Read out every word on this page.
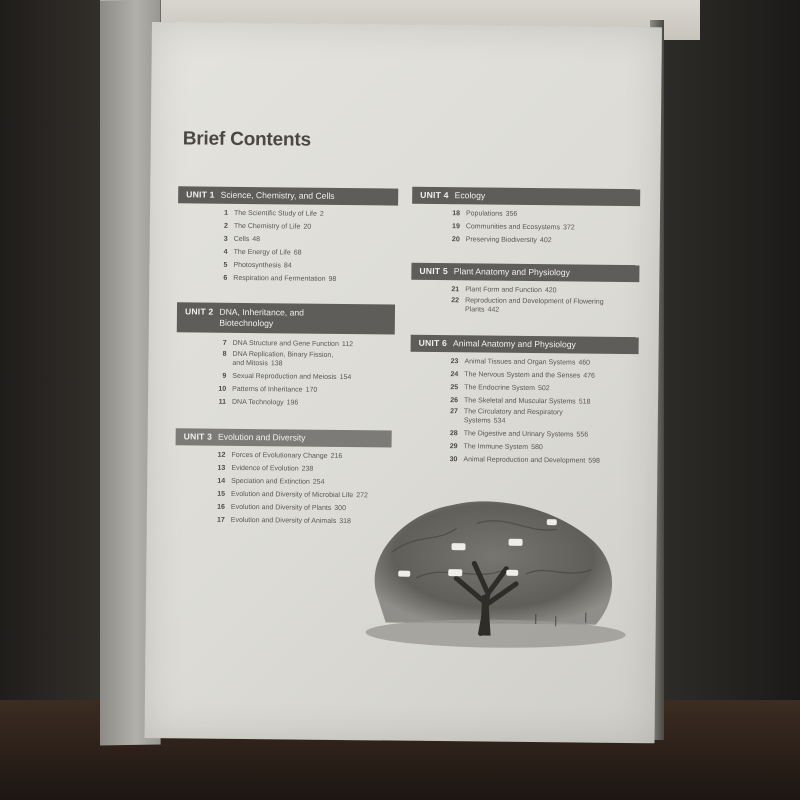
Brief Contents
UNIT 1 Science, Chemistry, and Cells
1 The Scientific Study of Life 2
2 The Chemistry of Life 20
3 Cells 48
4 The Energy of Life 68
5 Photosynthesis 84
6 Respiration and Fermentation 98
UNIT 2 DNA, Inheritance, and Biotechnology
7 DNA Structure and Gene Function 112
8 DNA Replication, Binary Fission, and Mitosis 138
9 Sexual Reproduction and Meiosis 154
10 Patterns of Inheritance 170
11 DNA Technology 196
UNIT 3 Evolution and Diversity
12 Forces of Evolutionary Change 216
13 Evidence of Evolution 238
14 Speciation and Extinction 254
15 Evolution and Diversity of Microbial Life 272
16 Evolution and Diversity of Plants 300
17 Evolution and Diversity of Animals 318
UNIT 4 Ecology
18 Populations 356
19 Communities and Ecosystems 372
20 Preserving Biodiversity 402
UNIT 5 Plant Anatomy and Physiology
21 Plant Form and Function 420
22 Reproduction and Development of Flowering Plants 442
UNIT 6 Animal Anatomy and Physiology
23 Animal Tissues and Organ Systems 460
24 The Nervous System and the Senses 476
25 The Endocrine System 502
26 The Skeletal and Muscular Systems 518
27 The Circulatory and Respiratory Systems 534
28 The Digestive and Urinary Systems 556
29 The Immune System 580
30 Animal Reproduction and Development 598
